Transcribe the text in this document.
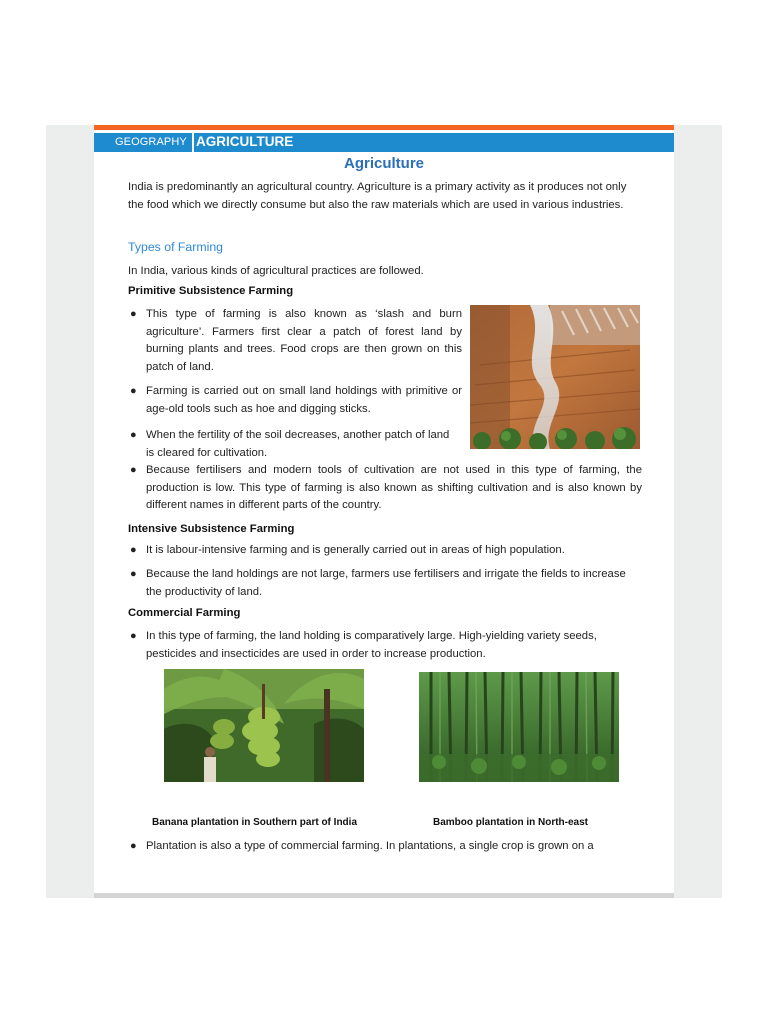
GEOGRAPHY AGRICULTURE
Agriculture

India is predominantly an agricultural country. Agriculture is a primary activity as it produces not only the food which we directly consume but also the raw materials which are used in various industries.

Types of Farming

In India, various kinds of agricultural practices are followed.

Primitive Subsistence Farming

● This type of farming is also known as ‘slash and burn agriculture’. Farmers first clear a patch of forest land by burning plants and trees. Food crops are then grown on this patch of land.

● Farming is carried out on small land holdings with primitive or age-old tools such as hoe and digging sticks.

● When the fertility of the soil decreases, another patch of land is cleared for cultivation.

● Because fertilisers and modern tools of cultivation are not used in this type of farming, the production is low. This type of farming is also known as shifting cultivation and is also known by different names in different parts of the country.

Intensive Subsistence Farming

● It is labour-intensive farming and is generally carried out in areas of high population.

● Because the land holdings are not large, farmers use fertilisers and irrigate the fields to increase the productivity of land.

Commercial Farming

● In this type of farming, the land holding is comparatively large. High-yielding variety seeds, pesticides and insecticides are used in order to increase production.

Banana plantation in Southern part of India	Bamboo plantation in North-east

● Plantation is also a type of commercial farming. In plantations, a single crop is grown on a
